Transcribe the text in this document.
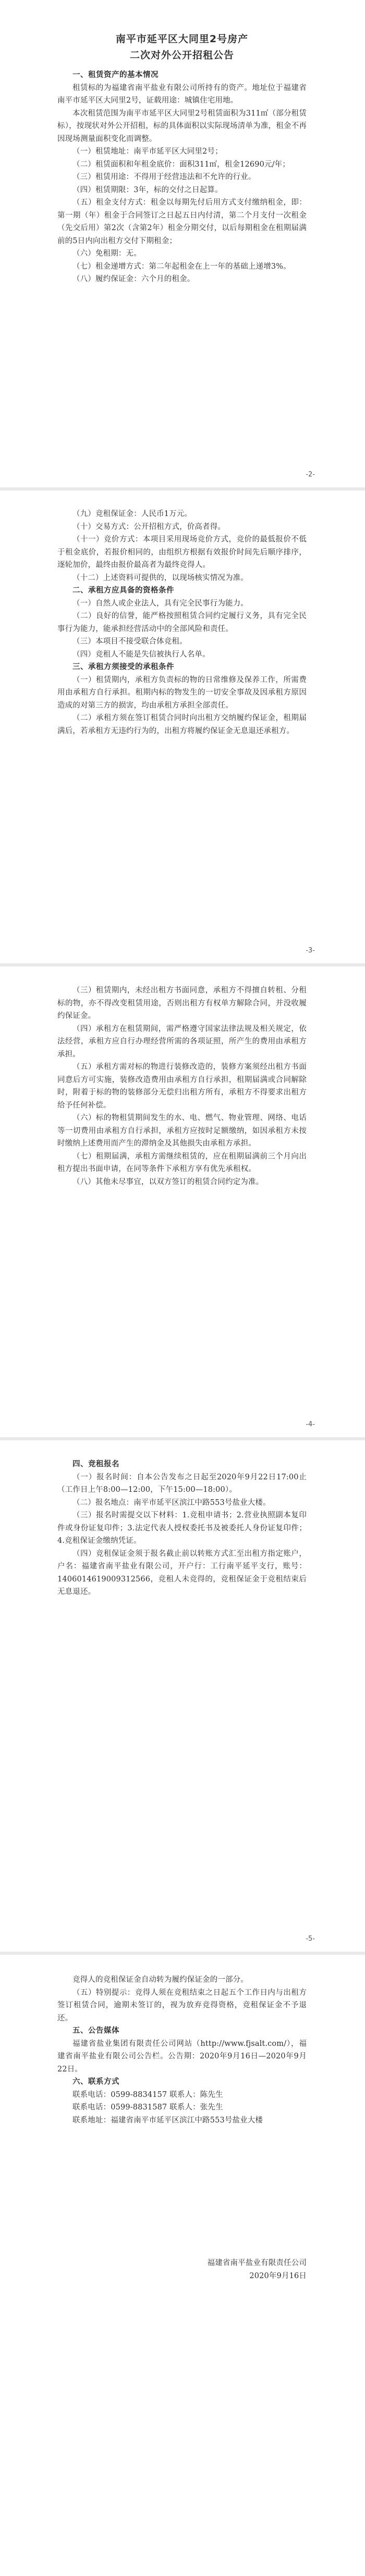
南平市延平区大同里2号房产
二次对外公开招租公告
一、租赁资产的基本情况

租赁标的为福建省南平盐业有限公司所持有的资产。地址位于福建省南平市延平区大同里2号，证载用途：城镇住宅用地。

本次租赁范围为南平市延平区大同里2号租赁面积为311㎡（部分租赁标），按现状对外公开招租，标的具体面积以实际现场清单为准，租金不再因现场测量面积变化而调整。

（一）租赁地址：南平市延平区大同里2号；

（二）租赁面积和年租金底价：面积311㎡，租金12690元/年；

（三）租赁用途：不得用于经营违法和不允许的行业。

（四）租赁期限：3年，标的交付之日起算。

（五）租金支付方式：租金以每期先付后用方式支付缴纳租金，即：第一期（年）租金于合同签订之日起五日内付清，第二个月支付一次租金（先交后用）第2次（含第2年）租金分期交付，以后每期租金在租期届满前的5日内向出租方交付下期租金；

（六）免租期：无。

（七）租金递增方式：第二年起租金在上一年的基础上递增3%。

（八）履约保证金：六个月的租金。

-2-

（九）竞租保证金：人民币1万元。

（十）交易方式：公开招租方式，价高者得。

（十一）竞价方式：本项目采用现场竞价方式，竞价的最低报价不低于租金底价，若报价相同的，由组织方根据有效报价时间先后顺序排序，逐轮加价，最终由报价最高者为最终竞得人。

（十二）上述资料可提供的，以现场核实情况为准。

二、承租方应具备的资格条件

（一）自然人或企业法人，具有完全民事行为能力。

（二）良好的信誉，能严格按照租赁合同约定履行义务，具有完全民事行为能力，能承担经营活动中的全部风险和责任。

（三）本项目不接受联合体竞租。

（四）竞租人不能是失信被执行人名单。

三、承租方须接受的承租条件

（一）租赁期内，承租方负责标的物的日常维修及保养工作，所需费用由承租方自行承担。租期内标的物发生的一切安全事故及因承租方原因造成的对第三方的损害，均由承租方承担全部责任。

（二）承租方须在签订租赁合同时向出租方交纳履约保证金，租期届满后，若承租方无违约行为的，出租方将履约保证金无息退还承租方。

-3-

（三）租赁期内，未经出租方书面同意，承租方不得擅自转租、分租标的物，亦不得改变租赁用途，否则出租方有权单方解除合同，并没收履约保证金。

（四）承租方在租赁期间，需严格遵守国家法律法规及相关规定，依法经营，承租方应自行办理经营所需的各项证照，所产生的费用由承租方承担。

（五）承租方需对标的物进行装修改造的，装修方案须经出租方书面同意后方可实施，装修改造费用由承租方自行承担，租期届满或合同解除时，附着于标的物的装修部分无偿归出租方所有，承租方不得要求出租方给予任何补偿。

（六）标的物租赁期间发生的水、电、燃气、物业管理、网络、电话等一切费用由承租方自行承担，承租方应按时足额缴纳，如因承租方未按时缴纳上述费用而产生的滞纳金及其他损失由承租方承担。

（七）租期届满，承租方需继续租赁的，应在租期届满前三个月向出租方提出书面申请，在同等条件下承租方享有优先承租权。

（八）其他未尽事宜，以双方签订的租赁合同约定为准。

-4-
四、竞租报名

（一）报名时间：自本公告发布之日起至2020年9月22日17:00止（工作日上午8:00—12:00，下午15:00—18:00）。

（二）报名地点：南平市延平区滨江中路553号盐业大楼。

（三）报名时需提交以下材料：1.竞租申请书；2.营业执照副本复印件或身份证复印件；3.法定代表人授权委托书及被委托人身份证复印件；4.竞租保证金缴纳凭证。

（四）竞租保证金须于报名截止前以转账方式汇至出租方指定账户，户名：福建省南平盐业有限公司，开户行：工行南平延平支行，账号：1406014619009312566，竞租人未竞得的，竞租保证金于竞租结束后无息退还。

-5-

竞得人的竞租保证金自动转为履约保证金的一部分。

（五）特别提示：竞得人须在竞租结束之日起五个工作日内与出租方签订租赁合同，逾期未签订的，视为放弃竞得资格，竞租保证金不予退还。

五、公告媒体

福建省盐业集团有限责任公司网站（http://www.fjsalt.com/），福建省南平盐业有限公司公告栏。公告期：2020年9月16日—2020年9月22日。

六、联系方式

联系电话：0599-8834157 联系人：陈先生

联系电话：0599-8831587 联系人：张先生

联系地址：福建省南平市延平区滨江中路553号盐业大楼

福建省南平盐业有限责任公司

2020年9月16日
